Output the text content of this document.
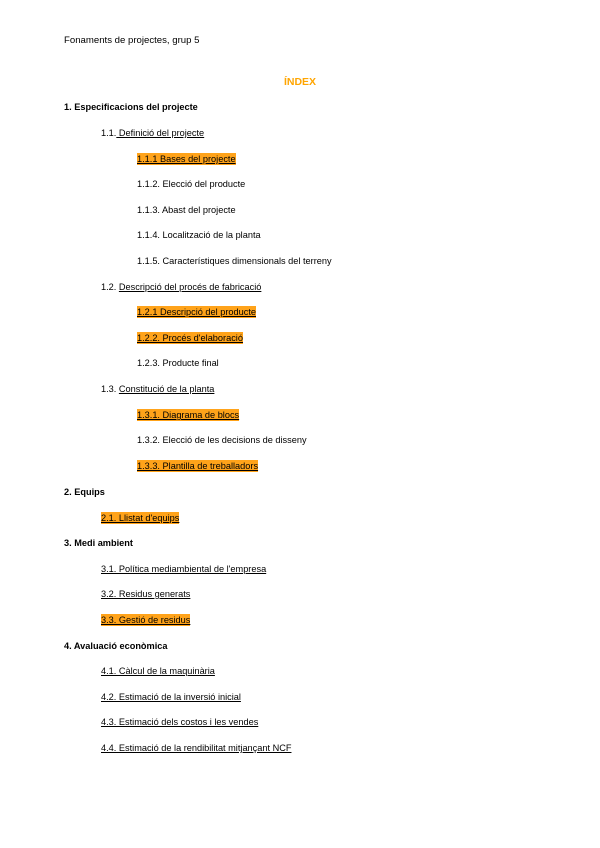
Fonaments de projectes, grup 5
ÍNDEX
1. Especificacions del projecte
1.1. Definició del projecte
1.1.1 Bases del projecte
1.1.2. Elecció del producte
1.1.3. Abast del projecte
1.1.4. Localització de la planta
1.1.5. Característiques dimensionals del terreny
1.2. Descripció del procés de fabricació
1.2.1 Descripció del producte
1.2.2. Procés d'elaboració
1.2.3. Producte final
1.3. Constitució de la planta
1.3.1. Diagrama de blocs
1.3.2. Elecció de les decisions de disseny
1.3.3. Plantilla de treballadors
2. Equips
2.1. Llistat d'equips
3. Medi ambient
3.1. Política mediambiental de l'empresa
3.2. Residus generats
3.3. Gestió de residus
4. Avaluació econòmica
4.1. Càlcul de la maquinària
4.2. Estimació de la inversió inicial
4.3. Estimació dels costos i les vendes
4.4. Estimació de la rendibilitat mitjançant NCF
